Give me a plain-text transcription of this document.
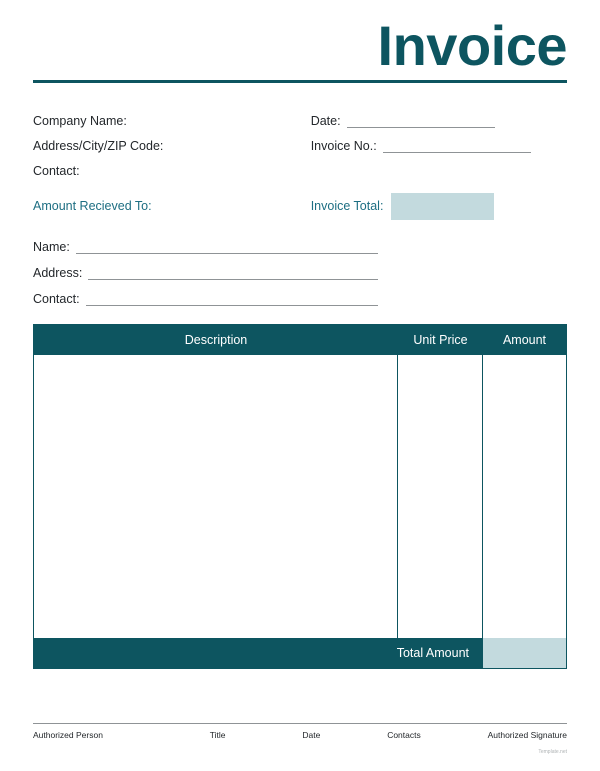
Invoice
Company Name:
Address/City/ZIP Code:
Contact:
Date:
Invoice No.:
Amount Recieved To:	Invoice Total:
Name:
Address:
Contact:
Description	Unit Price	Amount
Total Amount
Authorized Person	Title	Date	Contacts	Authorized Signature
Template.net
